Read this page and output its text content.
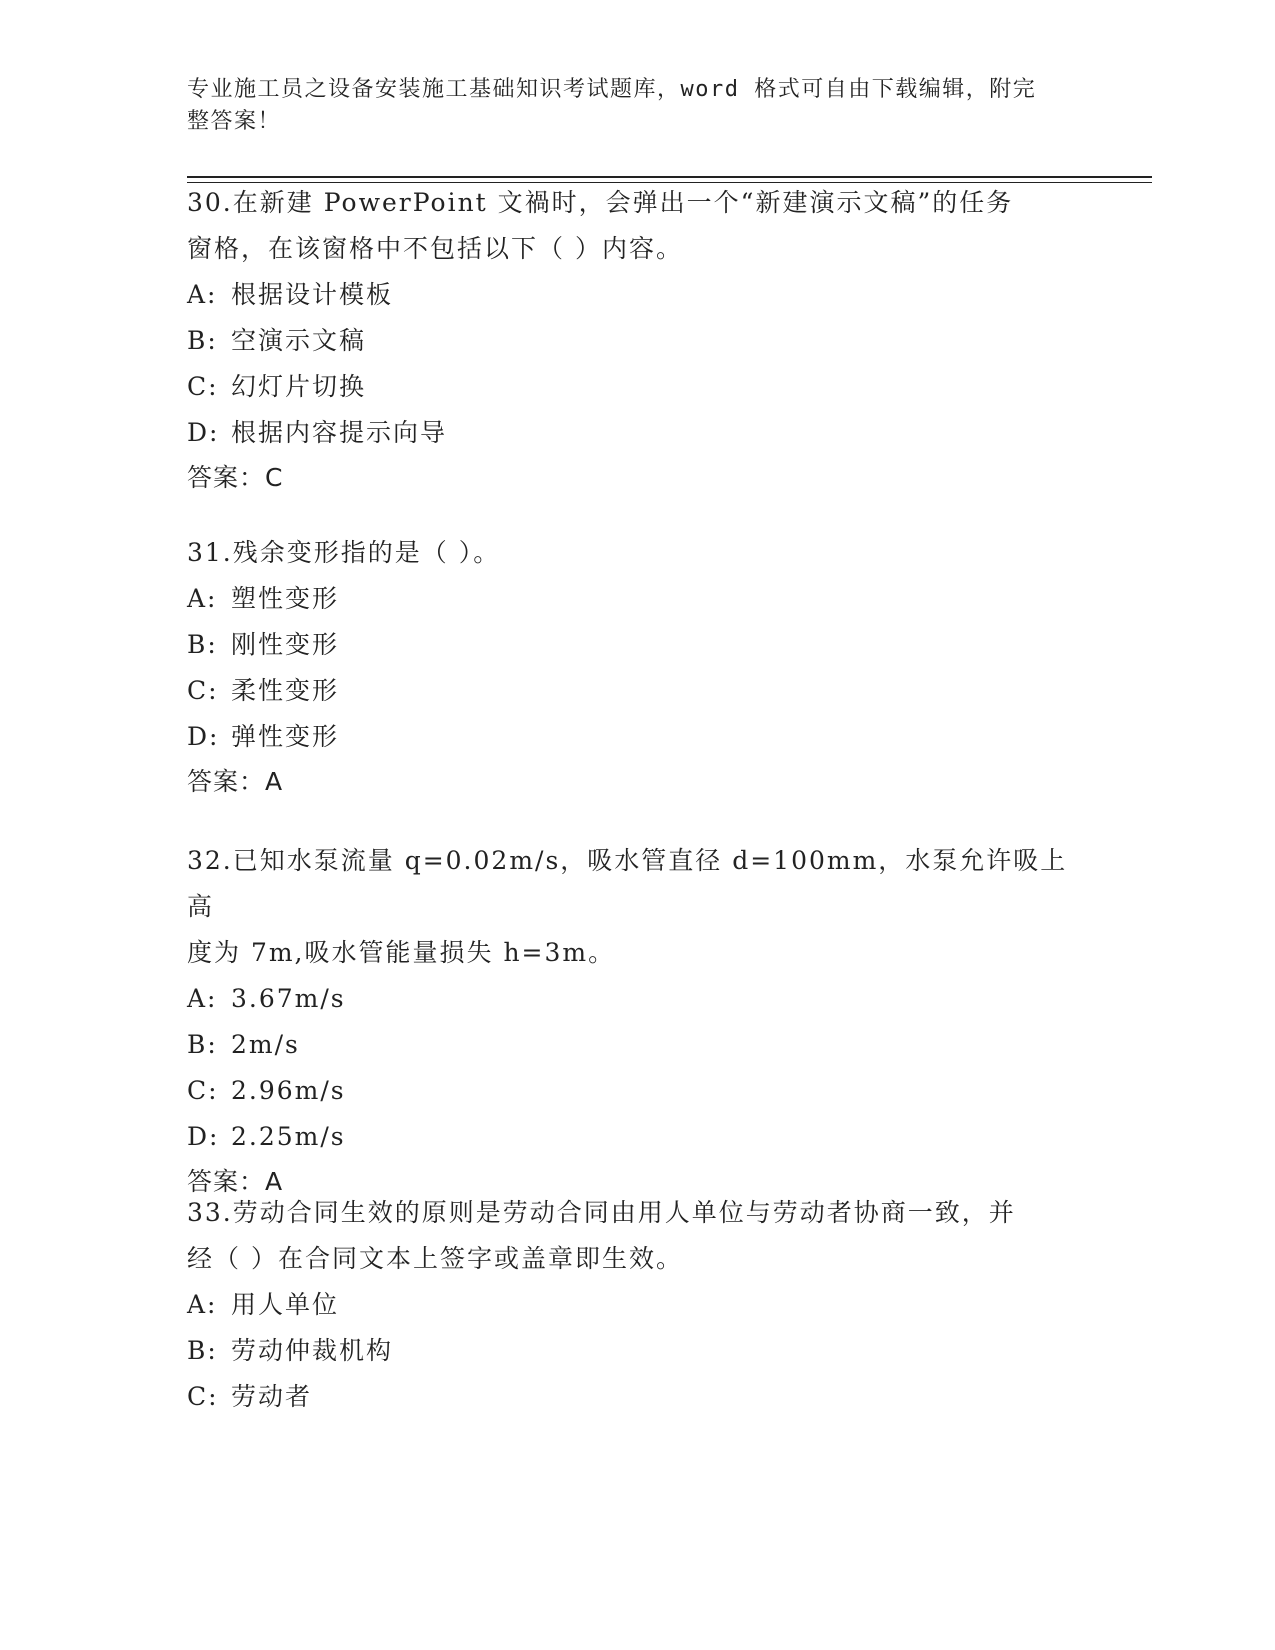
专业施工员之设备安装施工基础知识考试题库，word 格式可自由下载编辑，附完
整答案！

30.在新建 PowerPoint 文禍时，会弹出一个“新建演示文稿”的任务

窗格，在该窗格中不包括以下（ ）内容。

A: 根据设计模板

B: 空演示文稿

C: 幻灯片切换

D: 根据内容提示向导

答案：C

31.残余变形指的是（ ）。

A: 塑性变形

B: 刚性变形

C: 柔性变形

D: 弹性变形

答案：A

32.已知水泵流量 q=0.02m/s，吸水管直径 d=100mm，水泵允许吸上高

度为 7m,吸水管能量损失 h=3m。

A: 3.67m/s

B: 2m/s

C: 2.96m/s

D: 2.25m/s

答案：A

33.劳动合同生效的原则是劳动合同由用人单位与劳动者协商一致，并

经（ ）在合同文本上签字或盖章即生效。

A: 用人单位

B: 劳动仲裁机构

C: 劳动者
